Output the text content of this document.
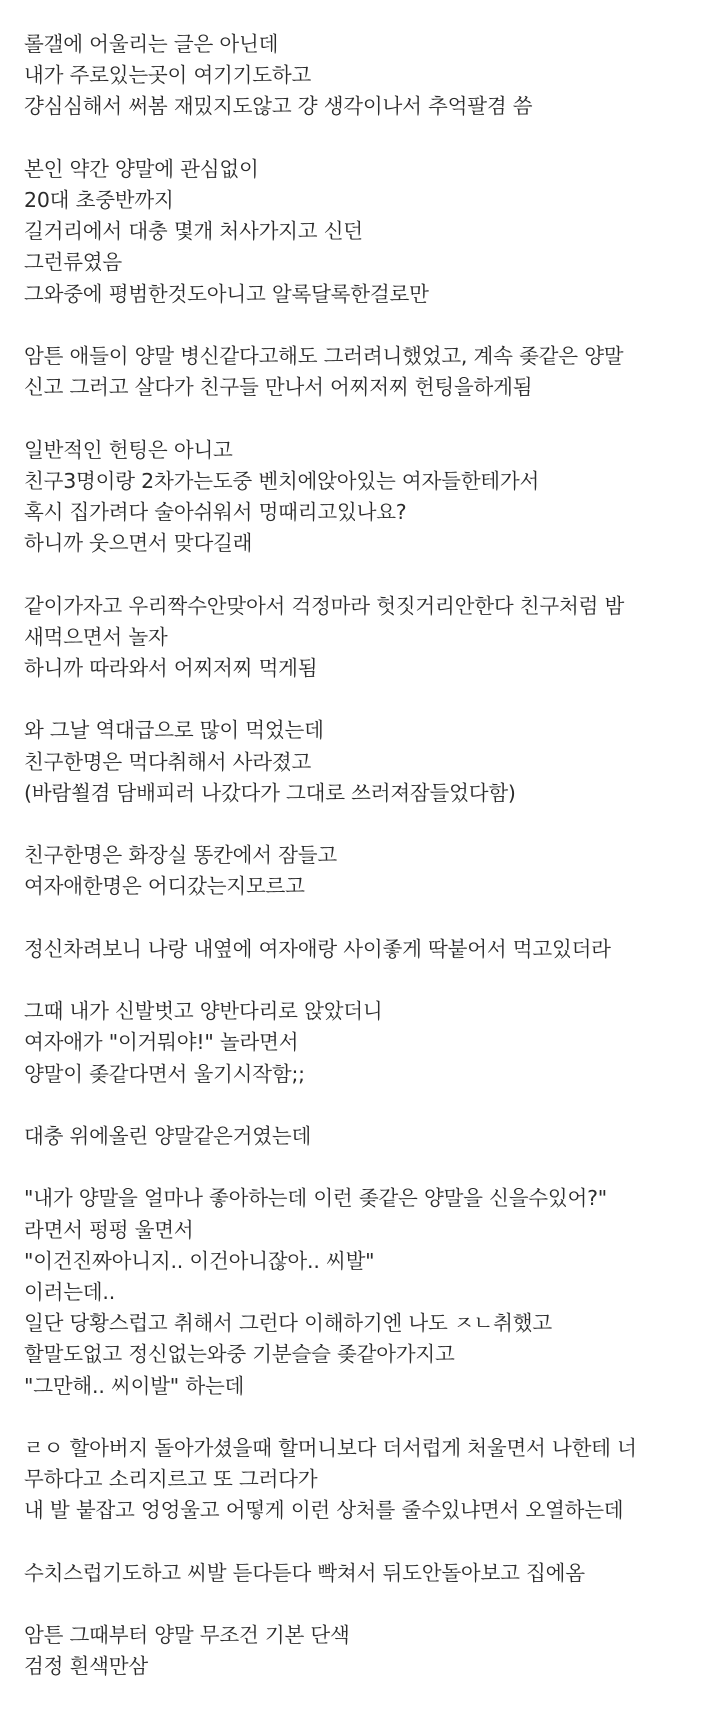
롤갤에 어울리는 글은 아닌데
내가 주로있는곳이 여기기도하고
걍심심해서 써봄 재밌지도않고 걍 생각이나서 추억팔겸 씀
본인 약간 양말에 관심없이
20대 초중반까지
길거리에서 대충 몇개 처사가지고 신던
그런류였음
그와중에 평범한것도아니고 알록달록한걸로만
암튼 애들이 양말 병신같다고해도 그러려니했었고, 계속 좆같은 양말
신고 그러고 살다가 친구들 만나서 어찌저찌 헌팅을하게됨
일반적인 헌팅은 아니고
친구3명이랑 2차가는도중 벤치에앉아있는 여자들한테가서
혹시 집가려다 술아쉬워서 멍때리고있나요?
하니까 웃으면서 맞다길래
같이가자고 우리짝수안맞아서 걱정마라 헛짓거리안한다 친구처럼 밤
새먹으면서 놀자
하니까 따라와서 어찌저찌 먹게됨
와 그날 역대급으로 많이 먹었는데
친구한명은 먹다취해서 사라졌고
(바람쐴겸 담배피러 나갔다가 그대로 쓰러져잠들었다함)
친구한명은 화장실 똥칸에서 잠들고
여자애한명은 어디갔는지모르고
정신차려보니 나랑 내옆에 여자애랑 사이좋게 딱붙어서 먹고있더라
그때 내가 신발벗고 양반다리로 앉았더니
여자애가 "이거뭐야!" 놀라면서
양말이 좆같다면서 울기시작함;;
대충 위에올린 양말같은거였는데
"내가 양말을 얼마나 좋아하는데 이런 좆같은 양말을 신을수있어?"
라면서 펑펑 울면서
"이건진짜아니지.. 이건아니잖아.. 씨발"
이러는데..
일단 당황스럽고 취해서 그런다 이해하기엔 나도 ㅈㄴ취했고
할말도없고 정신없는와중 기분슬슬 좆같아가지고
"그만해.. 씨이발" 하는데
ㄹㅇ 할아버지 돌아가셨을때 할머니보다 더서럽게 처울면서 나한테 너
무하다고 소리지르고 또 그러다가
내 발 붙잡고 엉엉울고 어떻게 이런 상처를 줄수있냐면서 오열하는데
수치스럽기도하고 씨발 듣다듣다 빡쳐서 뒤도안돌아보고 집에옴
암튼 그때부터 양말 무조건 기본 단색
검정 흰색만삼
